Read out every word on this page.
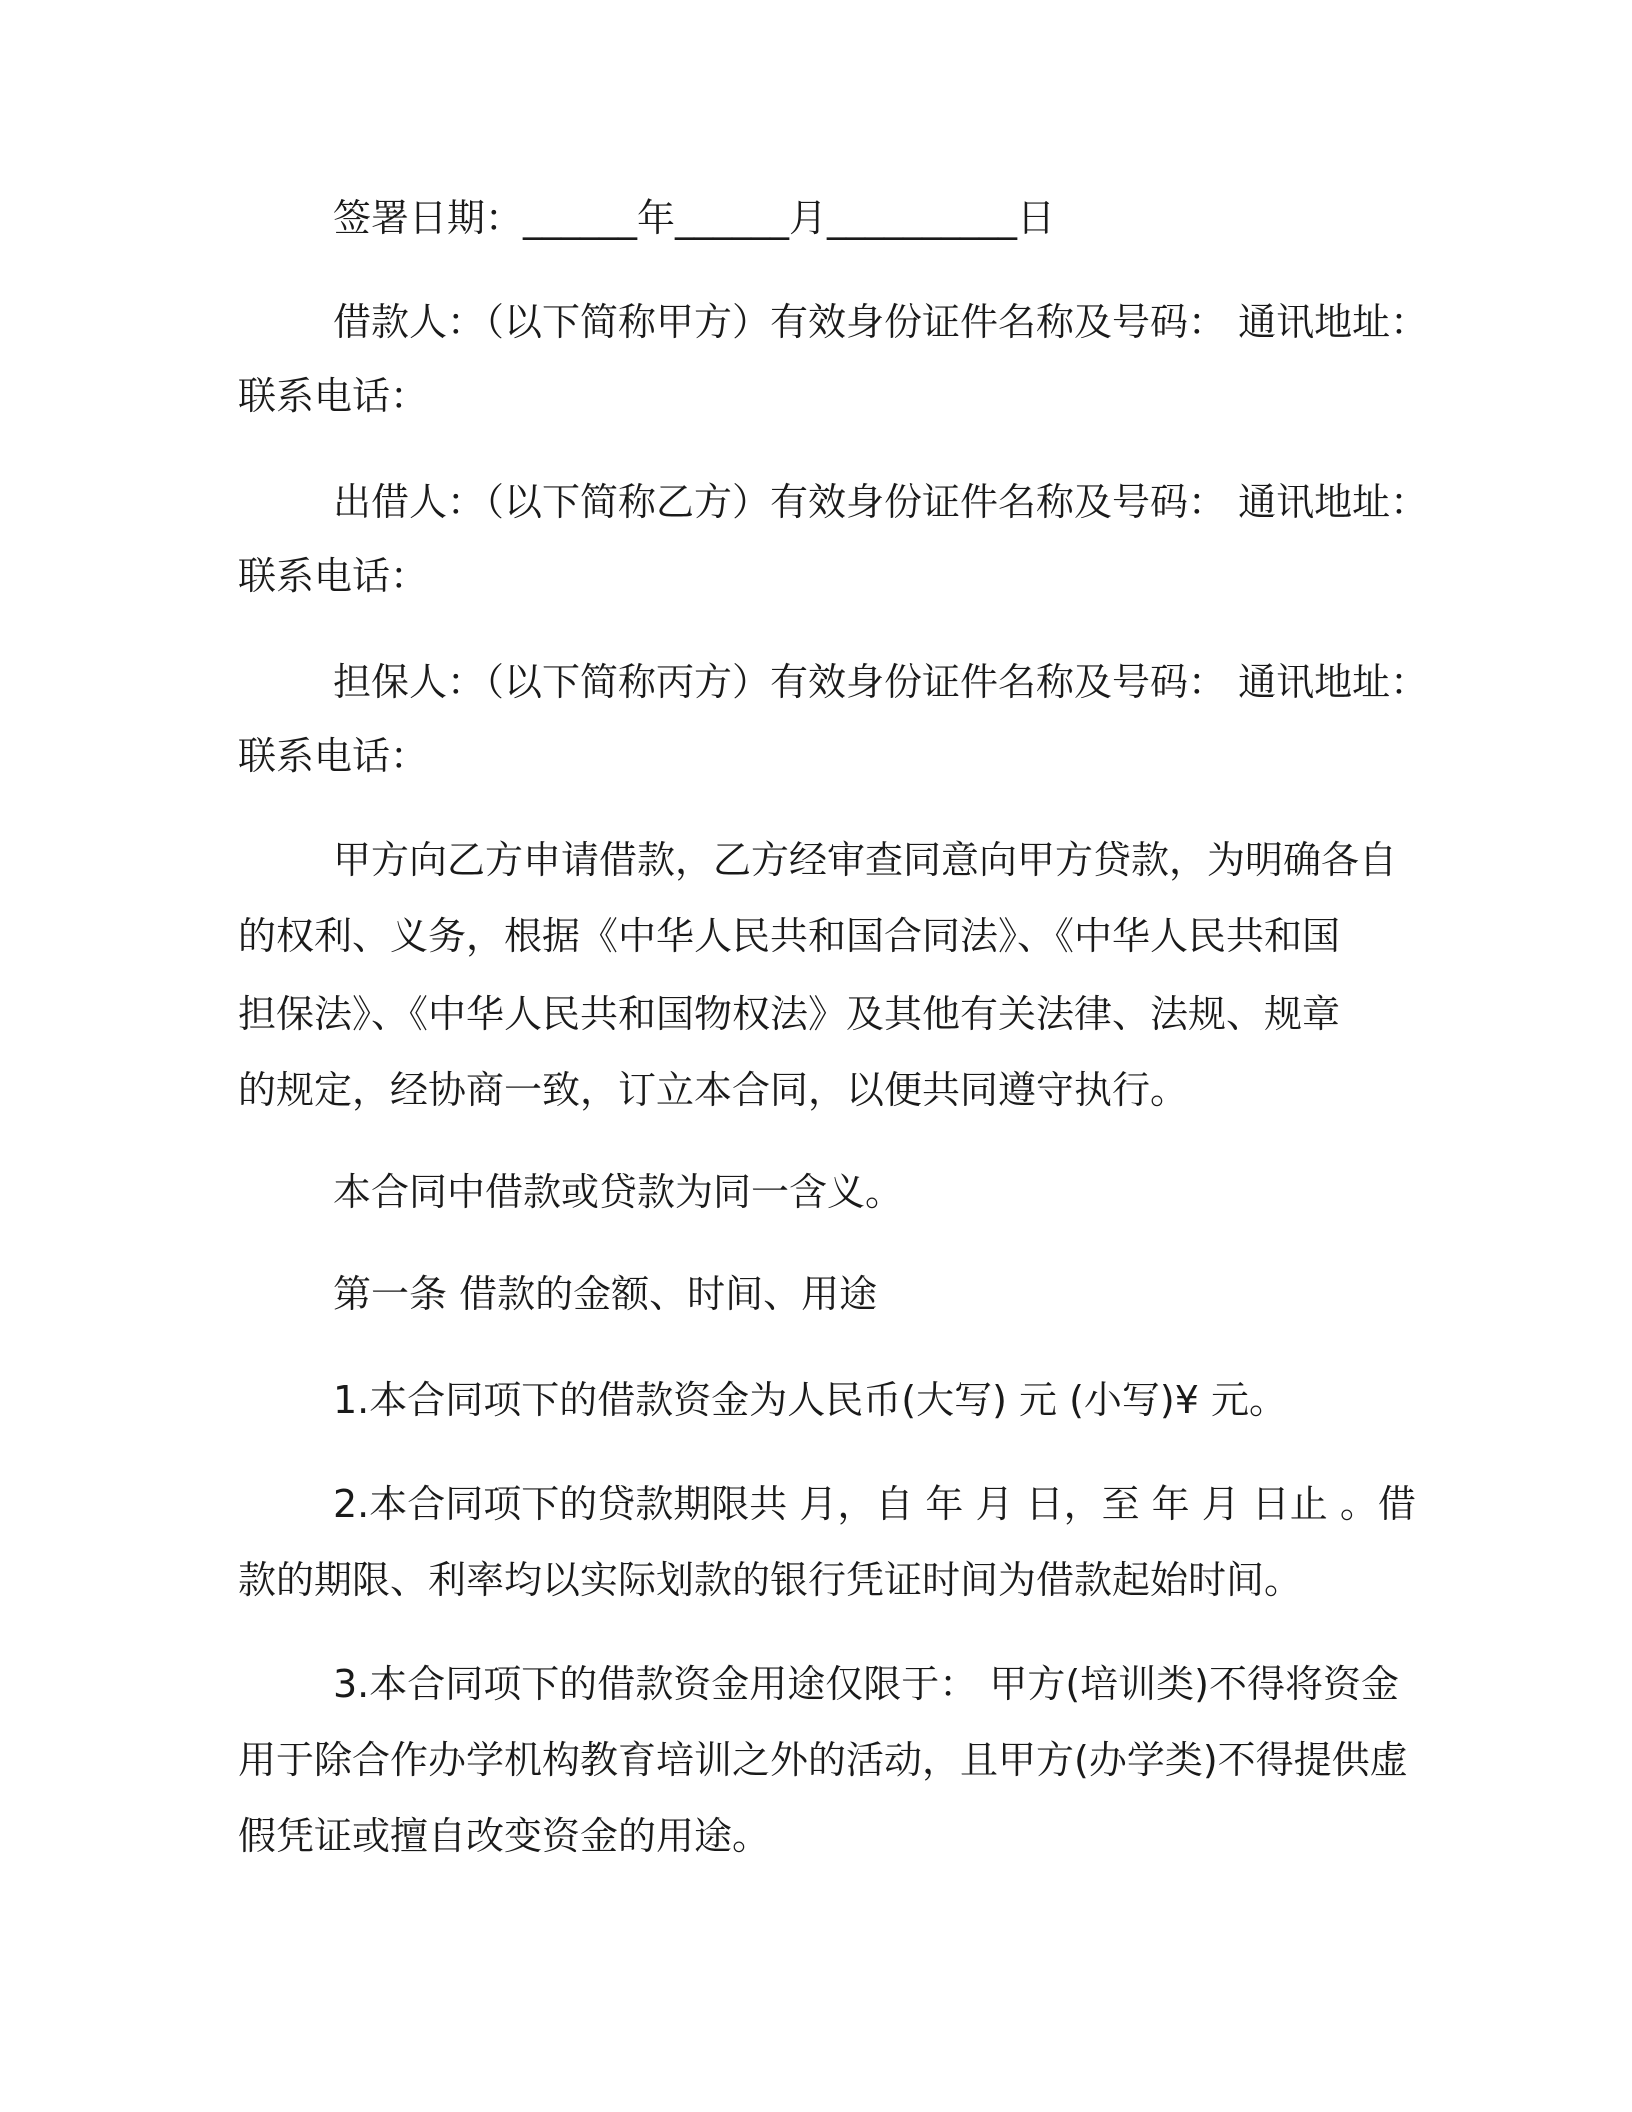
签署日期：______年______月__________日
借款人：（以下简称甲方）有效身份证件名称及号码： 通讯地址：
联系电话：
出借人：（以下简称乙方）有效身份证件名称及号码： 通讯地址：
联系电话：
担保人：（以下简称丙方）有效身份证件名称及号码： 通讯地址：
联系电话：
甲方向乙方申请借款，乙方经审查同意向甲方贷款，为明确各自
的权利、义务，根据《中华人民共和国合同法》、《中华人民共和国
担保法》、《中华人民共和国物权法》及其他有关法律、法规、规章
的规定，经协商一致，订立本合同，以便共同遵守执行。
本合同中借款或贷款为同一含义。
第一条 借款的金额、时间、用途
1.本合同项下的借款资金为人民币(大写) 元 (小写)¥ 元。
2.本合同项下的贷款期限共 月，自 年 月 日，至 年 月 日止 。借
款的期限、利率均以实际划款的银行凭证时间为借款起始时间。
3.本合同项下的借款资金用途仅限于： 甲方(培训类)不得将资金
用于除合作办学机构教育培训之外的活动，且甲方(办学类)不得提供虚
假凭证或擅自改变资金的用途。
